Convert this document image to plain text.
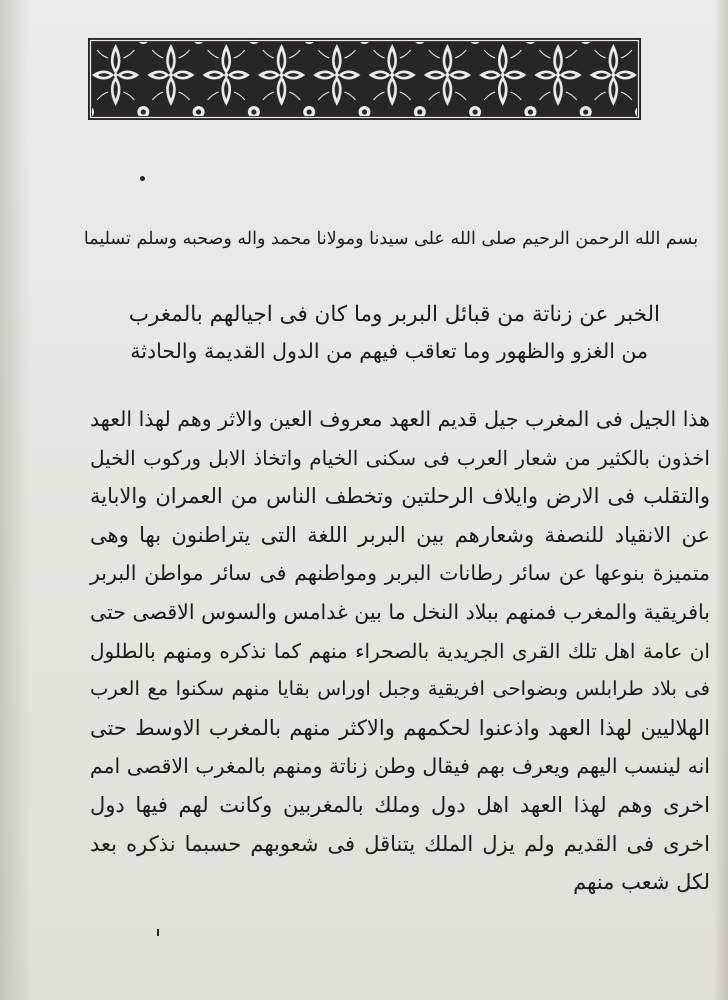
بسم الله الرحمن الرحيم صلى الله على سيدنا ومولانا محمد واله وصحبه وسلم تسليما
الخبر عن زناتة من قبائل البربر وما كان فى اجيالهم بالمغرب
من الغزو والظهور وما تعاقب فيهم من الدول القديمة والحادثة
هذا الجيل فى المغرب جيل قديم العهد معروف العين والاثر وهم لهذا العهد
اخذون بالكثير من شعار العرب فى سكنى الخيام واتخاذ الابل وركوب الخيل
والتقلب فى الارض وايلاف الرحلتين وتخطف الناس من العمران والاباية
عن الانقياد للنصفة وشعارهم بين البربر اللغة التى يتراطنون بها وهى
متميزة بنوعها عن سائر رطانات البربر ومواطنهم فى سائر مواطن البربر
بافريقية والمغرب فمنهم ببلاد النخل ما بين غدامس والسوس الاقصى حتى
ان عامة اهل تلك القرى الجريدية بالصحراء منهم كما نذكره ومنهم بالطلول
فى بلاد طرابلس وبضواحى افريقية وجبل اوراس بقايا منهم سكنوا مع العرب
الهلاليين لهذا العهد واذعنوا لحكمهم والاكثر منهم بالمغرب الاوسط حتى
انه لينسب اليهم ويعرف بهم فيقال وطن زناتة ومنهم بالمغرب الاقصى امم
اخرى وهم لهذا العهد اهل دول وملك بالمغربين وكانت لهم فيها دول
اخرى فى القديم ولم يزل الملك يتناقل فى شعوبهم حسبما نذكره بعد
لكل شعب منهم
